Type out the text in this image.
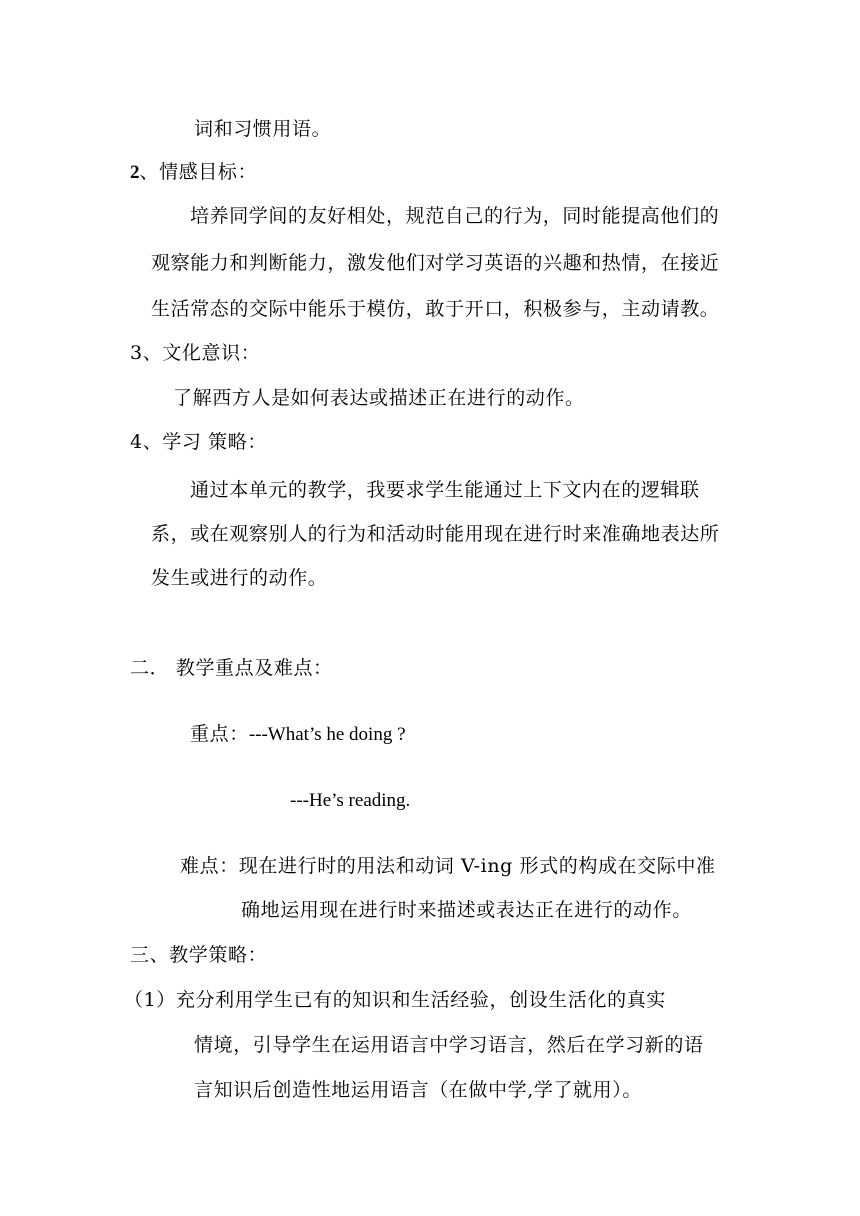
词和习惯用语。
2、情感目标：
培养同学间的友好相处，规范自己的行为，同时能提高他们的
观察能力和判断能力，激发他们对学习英语的兴趣和热情，在接近
生活常态的交际中能乐于模仿，敢于开口，积极参与，主动请教。
3、文化意识：
了解西方人是如何表达或描述正在进行的动作。
4、学习 策略：
通过本单元的教学，我要求学生能通过上下文内在的逻辑联
系，或在观察别人的行为和活动时能用现在进行时来准确地表达所
发生或进行的动作。
二． 教学重点及难点：
重点：---What’s he doing ?
---He’s reading.
难点：现在进行时的用法和动词 V-ing 形式的构成在交际中准
确地运用现在进行时来描述或表达正在进行的动作。
三、教学策略：
（1）充分利用学生已有的知识和生活经验，创设生活化的真实
情境，引导学生在运用语言中学习语言，然后在学习新的语
言知识后创造性地运用语言（在做中学,学了就用）。
